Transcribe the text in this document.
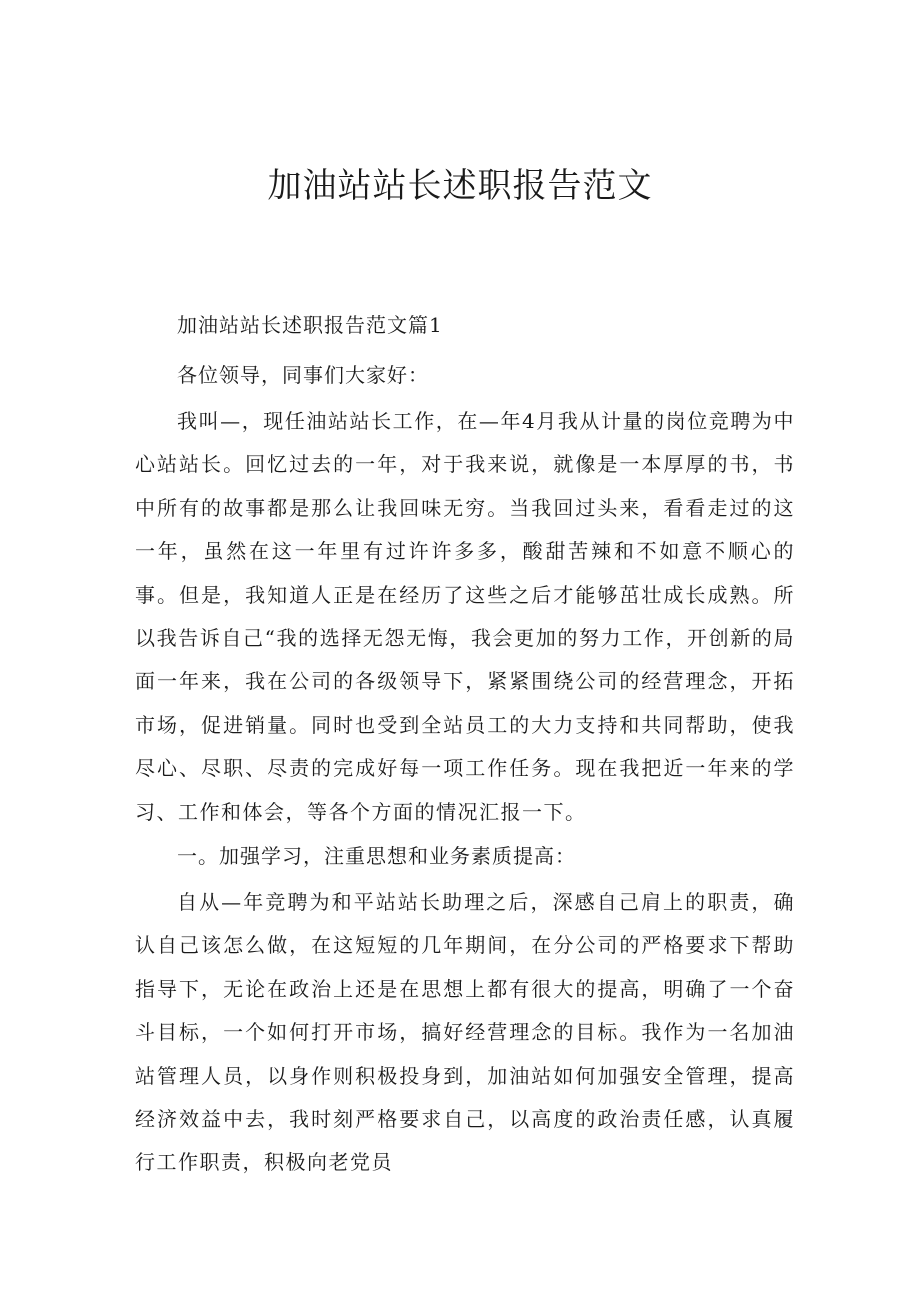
加油站站长述职报告范文

加油站站长述职报告范文篇1

各位领导，同事们大家好：

我叫—，现任油站站长工作，在—年4月我从计量的岗位竞聘为中心站站长。回忆过去的一年，对于我来说，就像是一本厚厚的书，书中所有的故事都是那么让我回味无穷。当我回过头来，看看走过的这一年，虽然在这一年里有过许许多多，酸甜苦辣和不如意不顺心的事。但是，我知道人正是在经历了这些之后才能够茁壮成长成熟。所以我告诉自己“我的选择无怨无悔，我会更加的努力工作，开创新的局面一年来，我在公司的各级领导下，紧紧围绕公司的经营理念，开拓市场，促进销量。同时也受到全站员工的大力支持和共同帮助，使我尽心、尽职、尽责的完成好每一项工作任务。现在我把近一年来的学习、工作和体会，等各个方面的情况汇报一下。

一。加强学习，注重思想和业务素质提高：

自从—年竞聘为和平站站长助理之后，深感自己肩上的职责，确认自己该怎么做，在这短短的几年期间，在分公司的严格要求下帮助指导下，无论在政治上还是在思想上都有很大的提高，明确了一个奋斗目标，一个如何打开市场，搞好经营理念的目标。我作为一名加油站管理人员，以身作则积极投身到，加油站如何加强安全管理，提高经济效益中去，我时刻严格要求自己，以高度的政治责任感，认真履行工作职责，积极向老党员
